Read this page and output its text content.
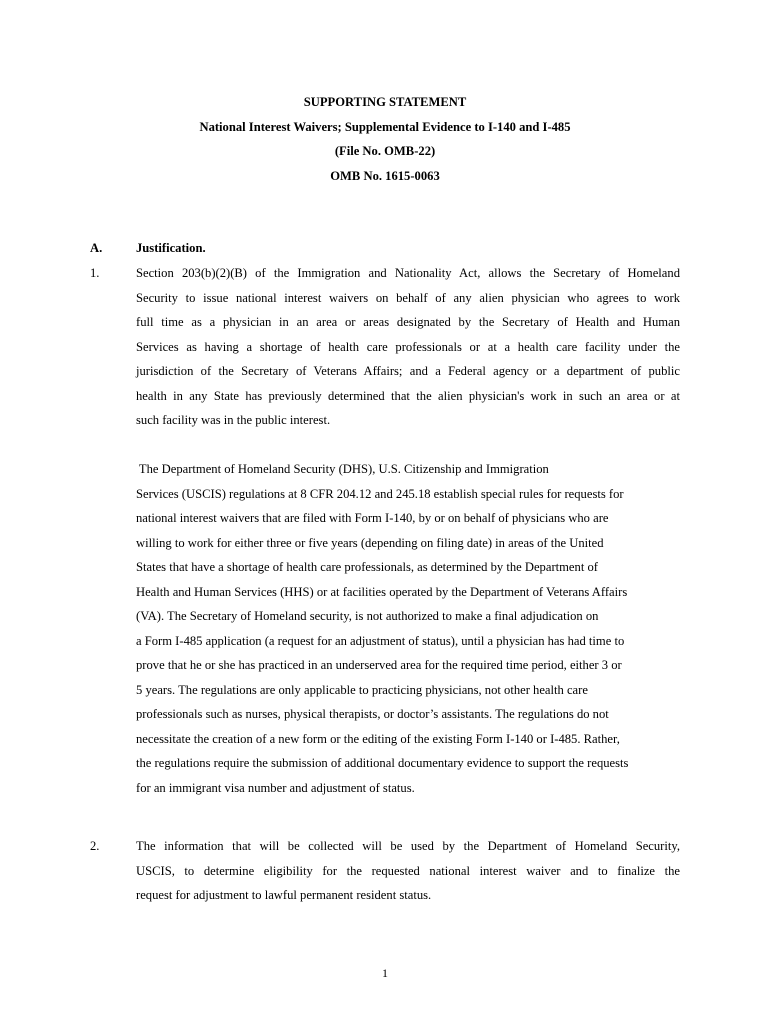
SUPPORTING STATEMENT
National Interest Waivers; Supplemental Evidence to I-140 and I-485
(File No. OMB-22)
OMB No. 1615-0063
A.	Justification.
1.	Section 203(b)(2)(B) of the Immigration and Nationality Act, allows the Secretary of Homeland
Security to issue national interest waivers on behalf of any alien physician who agrees to work
full time as a physician in an area or areas designated by the Secretary of Health and Human
Services as having a shortage of health care professionals or at a health care facility under the
jurisdiction of the Secretary of Veterans Affairs; and a Federal agency or a department of public
health in any State has previously determined that the alien physician's work in such an area or at
such facility was in the public interest.
The Department of Homeland Security (DHS), U.S. Citizenship and Immigration
Services (USCIS) regulations at 8 CFR 204.12 and 245.18 establish special rules for requests for
national interest waivers that are filed with Form I-140, by or on behalf of physicians who are
willing to work for either three or five years (depending on filing date) in areas of the United
States that have a shortage of health care professionals, as determined by the Department of
Health and Human Services (HHS) or at facilities operated by the Department of Veterans Affairs
(VA). The Secretary of Homeland security, is not authorized to make a final adjudication on
a Form I-485 application (a request for an adjustment of status), until a physician has had time to
prove that he or she has practiced in an underserved area for the required time period, either 3 or
5 years. The regulations are only applicable to practicing physicians, not other health care
professionals such as nurses, physical therapists, or doctor’s assistants. The regulations do not
necessitate the creation of a new form or the editing of the existing Form I-140 or I-485. Rather,
the regulations require the submission of additional documentary evidence to support the requests
for an immigrant visa number and adjustment of status.
2.	The information that will be collected will be used by the Department of Homeland Security,
USCIS, to determine eligibility for the requested national interest waiver and to finalize the
request for adjustment to lawful permanent resident status.
1
